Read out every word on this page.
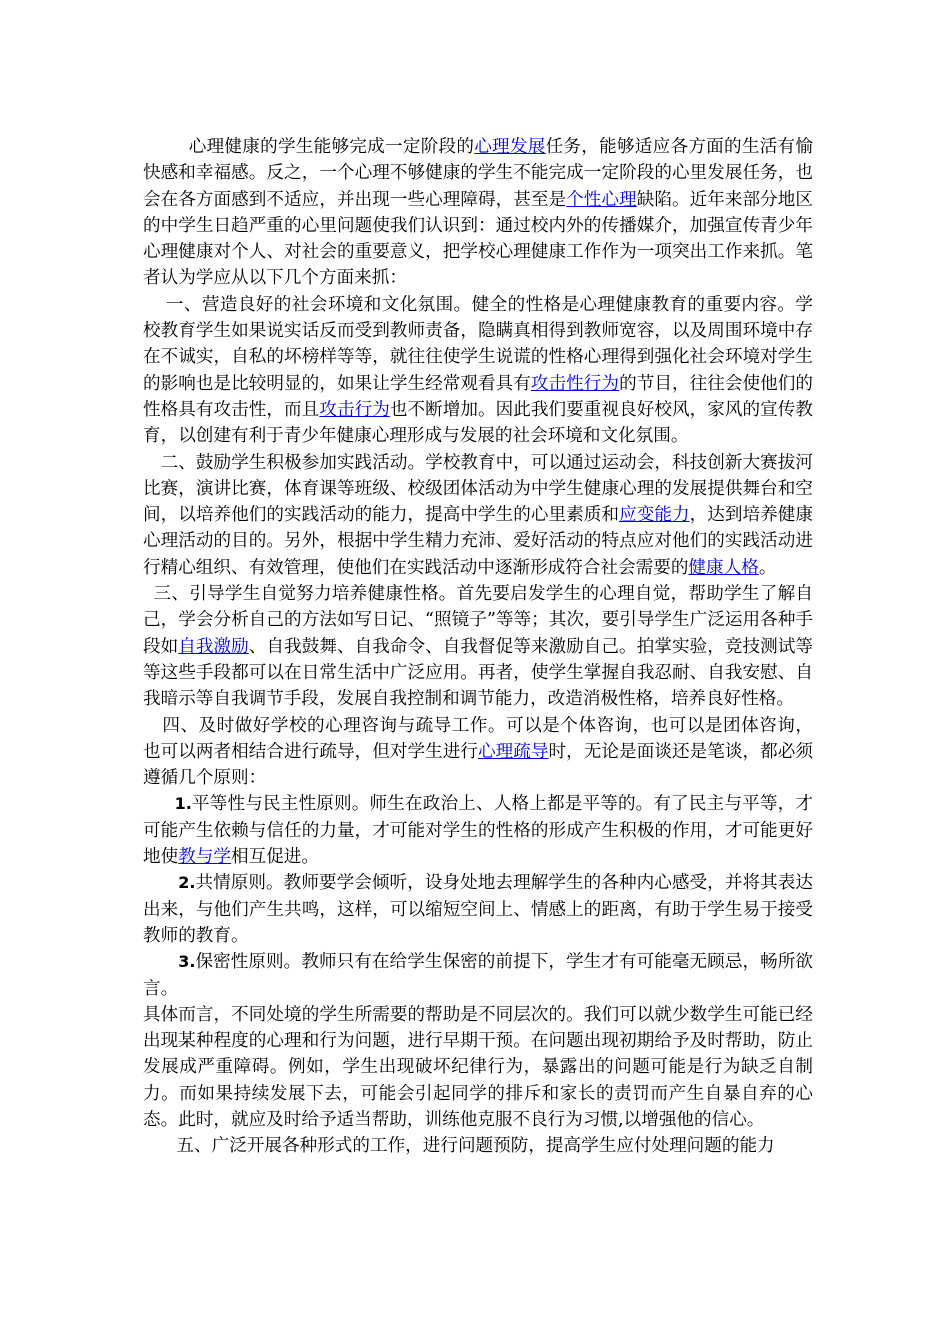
心理健康的学生能够完成一定阶段的心理发展任务，能够适应各方面的生活有愉快感和幸福感。反之，一个心理不够健康的学生不能完成一定阶段的心里发展任务，也会在各方面感到不适应，并出现一些心理障碍，甚至是个性心理缺陷。近年来部分地区的中学生日趋严重的心里问题使我们认识到：通过校内外的传播媒介，加强宣传青少年心理健康对个人、对社会的重要意义，把学校心理健康工作作为一项突出工作来抓。笔者认为学应从以下几个方面来抓：

一、营造良好的社会环境和文化氛围。健全的性格是心理健康教育的重要内容。学校教育学生如果说实话反而受到教师责备，隐瞒真相得到教师宽容，以及周围环境中存在不诚实，自私的坏榜样等等，就往往使学生说谎的性格心理得到强化社会环境对学生的影响也是比较明显的，如果让学生经常观看具有攻击性行为的节目，往往会使他们的性格具有攻击性，而且攻击行为也不断增加。因此我们要重视良好校风，家风的宣传教育，以创建有利于青少年健康心理形成与发展的社会环境和文化氛围。

二、鼓励学生积极参加实践活动。学校教育中，可以通过运动会，科技创新大赛拔河比赛，演讲比赛，体育课等班级、校级团体活动为中学生健康心理的发展提供舞台和空间，以培养他们的实践活动的能力，提高中学生的心里素质和应变能力，达到培养健康心理活动的目的。另外，根据中学生精力充沛、爱好活动的特点应对他们的实践活动进行精心组织、有效管理，使他们在实践活动中逐渐形成符合社会需要的健康人格。

三、引导学生自觉努力培养健康性格。首先要启发学生的心理自觉，帮助学生了解自己，学会分析自己的方法如写日记、“照镜子”等等；其次，要引导学生广泛运用各种手段如自我激励、自我鼓舞、自我命令、自我督促等来激励自己。拍掌实验，竞技测试等等这些手段都可以在日常生活中广泛应用。再者，使学生掌握自我忍耐、自我安慰、自我暗示等自我调节手段，发展自我控制和调节能力，改造消极性格，培养良好性格。

四、及时做好学校的心理咨询与疏导工作。可以是个体咨询，也可以是团体咨询，也可以两者相结合进行疏导，但对学生进行心理疏导时，无论是面谈还是笔谈，都必须遵循几个原则：

1.平等性与民主性原则。师生在政治上、人格上都是平等的。有了民主与平等，才可能产生依赖与信任的力量，才可能对学生的性格的形成产生积极的作用，才可能更好地使教与学相互促进。

2.共情原则。教师要学会倾听，设身处地去理解学生的各种内心感受，并将其表达出来，与他们产生共鸣，这样，可以缩短空间上、情感上的距离，有助于学生易于接受教师的教育。

3.保密性原则。教师只有在给学生保密的前提下，学生才有可能毫无顾忌，畅所欲言。

具体而言，不同处境的学生所需要的帮助是不同层次的。我们可以就少数学生可能已经出现某种程度的心理和行为问题，进行早期干预。在问题出现初期给予及时帮助，防止发展成严重障碍。例如，学生出现破坏纪律行为，暴露出的问题可能是行为缺乏自制力。而如果持续发展下去，可能会引起同学的排斥和家长的责罚而产生自暴自弃的心态。此时，就应及时给予适当帮助，训练他克服不良行为习惯,以增强他的信心。

五、广泛开展各种形式的工作，进行问题预防，提高学生应付处理问题的能力
